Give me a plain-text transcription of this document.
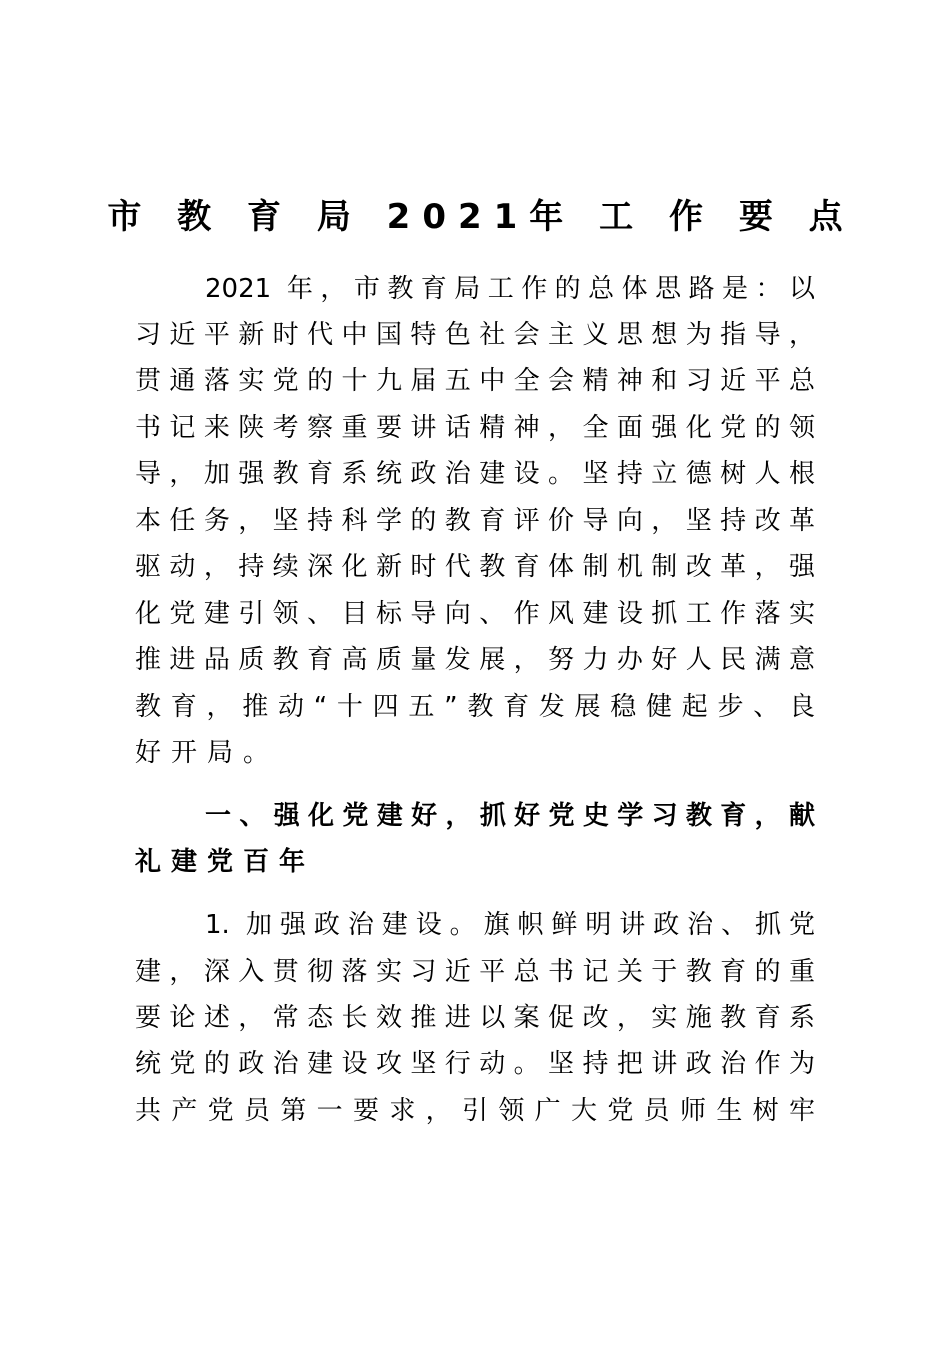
市 教 育 局 2021年 工 作 要 点
2021 年，市教育局工作的总体思路是：以
习近平新时代中国特色社会主义思想为指导，
贯通落实党的十九届五中全会精神和习近平总
书记来陕考察重要讲话精神，全面强化党的领
导，加强教育系统政治建设。坚持立德树人根
本任务，坚持科学的教育评价导向，坚持改革
驱动，持续深化新时代教育体制机制改革，强
化党建引领、目标导向、作风建设抓工作落实
推进品质教育高质量发展，努力办好人民满意
教育，推动“十四五”教育发展稳健起步、良
好开局。
一、强化党建好，抓好党史学习教育，献
礼建党百年
1. 加强政治建设。旗帜鲜明讲政治、抓党
建，深入贯彻落实习近平总书记关于教育的重
要论述，常态长效推进以案促改，实施教育系
统党的政治建设攻坚行动。坚持把讲政治作为
共产党员第一要求，引领广大党员师生树牢
